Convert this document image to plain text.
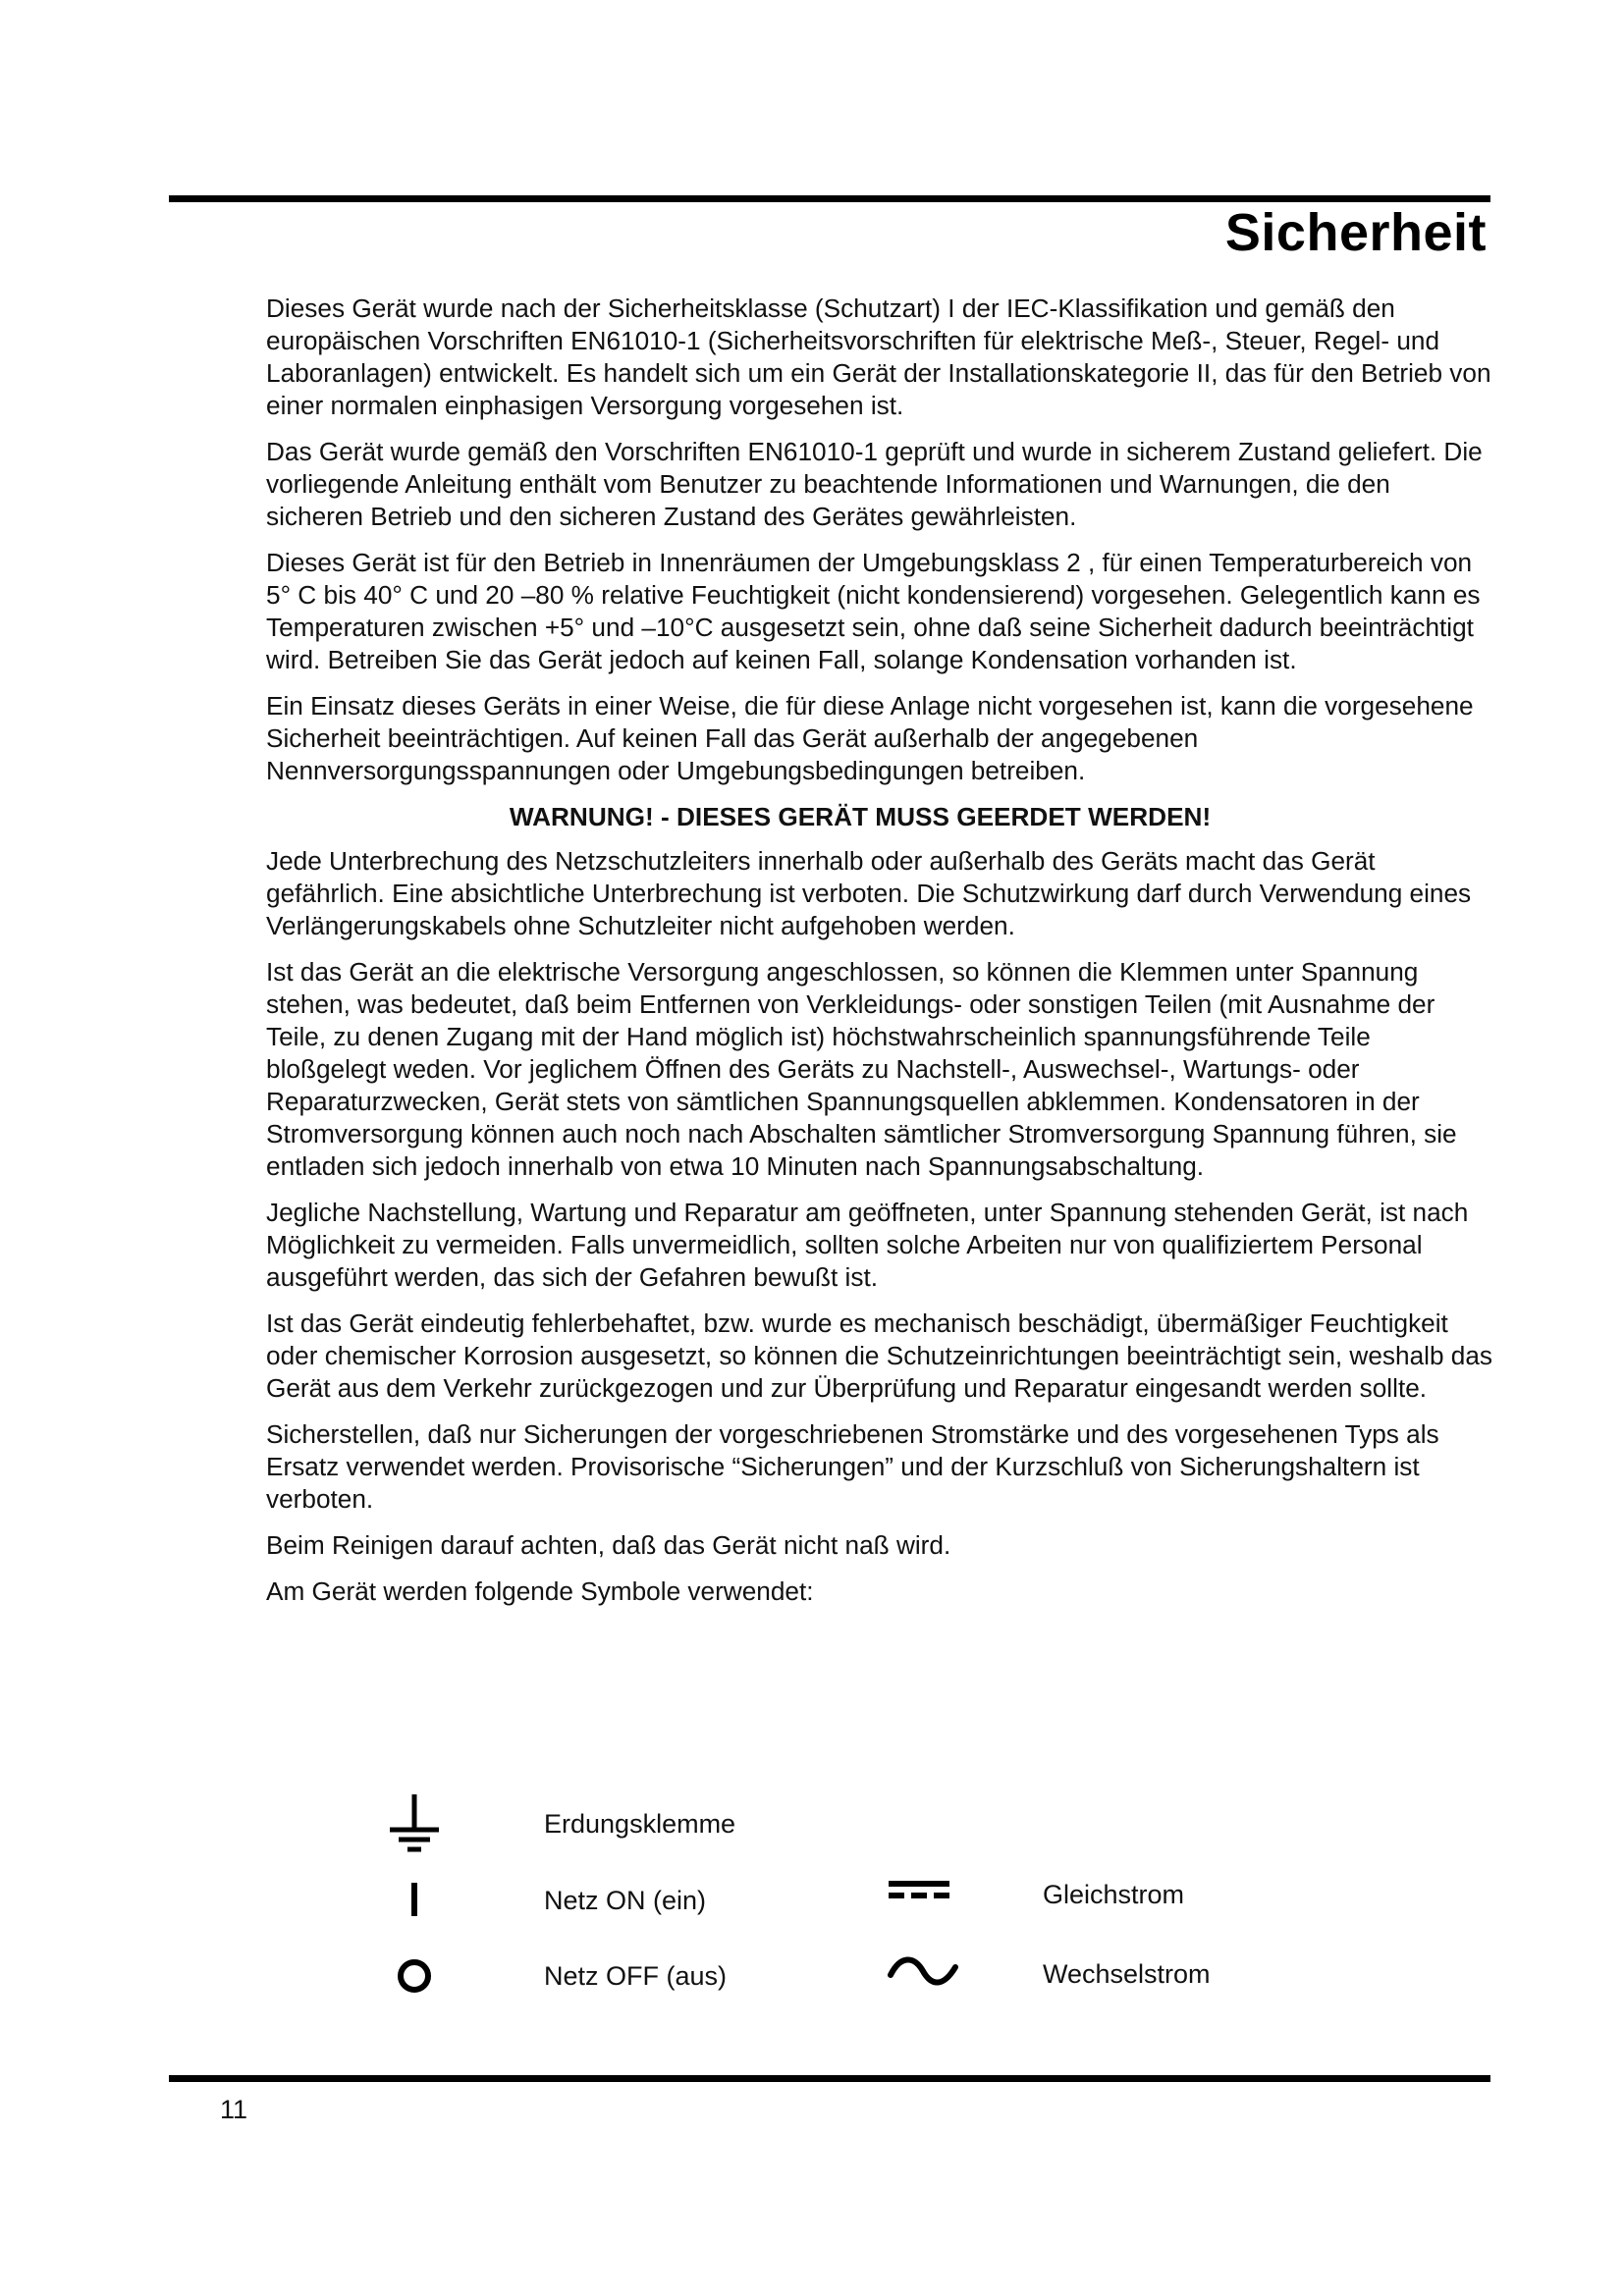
Sicherheit

Dieses Gerät wurde nach der Sicherheitsklasse (Schutzart) I der IEC-Klassifikation und gemäß den europäischen Vorschriften EN61010-1 (Sicherheitsvorschriften für elektrische Meß-, Steuer, Regel- und Laboranlagen) entwickelt. Es handelt sich um ein Gerät der Installationskategorie II, das für den Betrieb von einer normalen einphasigen Versorgung vorgesehen ist.

Das Gerät wurde gemäß den Vorschriften EN61010-1 geprüft und wurde in sicherem Zustand geliefert. Die vorliegende Anleitung enthält vom Benutzer zu beachtende Informationen und Warnungen, die den sicheren Betrieb und den sicheren Zustand des Gerätes gewährleisten.

Dieses Gerät ist für den Betrieb in Innenräumen der Umgebungsklass 2 , für einen Temperaturbereich von 5° C bis 40° C und 20 –80 % relative Feuchtigkeit (nicht kondensierend) vorgesehen. Gelegentlich kann es Temperaturen zwischen +5° und –10°C ausgesetzt sein, ohne daß seine Sicherheit dadurch beeinträchtigt wird. Betreiben Sie das Gerät jedoch auf keinen Fall, solange Kondensation vorhanden ist.

Ein Einsatz dieses Geräts in einer Weise, die für diese Anlage nicht vorgesehen ist, kann die vorgesehene Sicherheit beeinträchtigen. Auf keinen Fall das Gerät außerhalb der angegebenen Nennversorgungsspannungen oder Umgebungsbedingungen betreiben.

WARNUNG! - DIESES GERÄT MUSS GEERDET WERDEN!

Jede Unterbrechung des Netzschutzleiters innerhalb oder außerhalb des Geräts macht das Gerät gefährlich. Eine absichtliche Unterbrechung ist verboten. Die Schutzwirkung darf durch Verwendung eines Verlängerungskabels ohne Schutzleiter nicht aufgehoben werden.

Ist das Gerät an die elektrische Versorgung angeschlossen, so können die Klemmen unter Spannung stehen, was bedeutet, daß beim Entfernen von Verkleidungs- oder sonstigen Teilen (mit Ausnahme der Teile, zu denen Zugang mit der Hand möglich ist) höchstwahrscheinlich spannungsführende Teile bloßgelegt weden. Vor jeglichem Öffnen des Geräts zu Nachstell-, Auswechsel-, Wartungs- oder Reparaturzwecken, Gerät stets von sämtlichen Spannungsquellen abklemmen. Kondensatoren in der Stromversorgung können auch noch nach Abschalten sämtlicher Stromversorgung Spannung führen, sie entladen sich jedoch innerhalb von etwa 10 Minuten nach Spannungsabschaltung.

Jegliche Nachstellung, Wartung und Reparatur am geöffneten, unter Spannung stehenden Gerät, ist nach Möglichkeit zu vermeiden. Falls unvermeidlich, sollten solche Arbeiten nur von qualifiziertem Personal ausgeführt werden, das sich der Gefahren bewußt ist.

Ist das Gerät eindeutig fehlerbehaftet, bzw. wurde es mechanisch beschädigt, übermäßiger Feuchtigkeit oder chemischer Korrosion ausgesetzt, so können die Schutzeinrichtungen beeinträchtigt sein, weshalb das Gerät aus dem Verkehr zurückgezogen und zur Überprüfung und Reparatur eingesandt werden sollte.

Sicherstellen, daß nur Sicherungen der vorgeschriebenen Stromstärke und des vorgesehenen Typs als Ersatz verwendet werden. Provisorische “Sicherungen” und der Kurzschluß von Sicherungshaltern ist verboten.

Beim Reinigen darauf achten, daß das Gerät nicht naß wird.

Am Gerät werden folgende Symbole verwendet:

Erdungsklemme
Netz ON (ein)
Netz OFF (aus)
Gleichstrom
Wechselstrom
11
